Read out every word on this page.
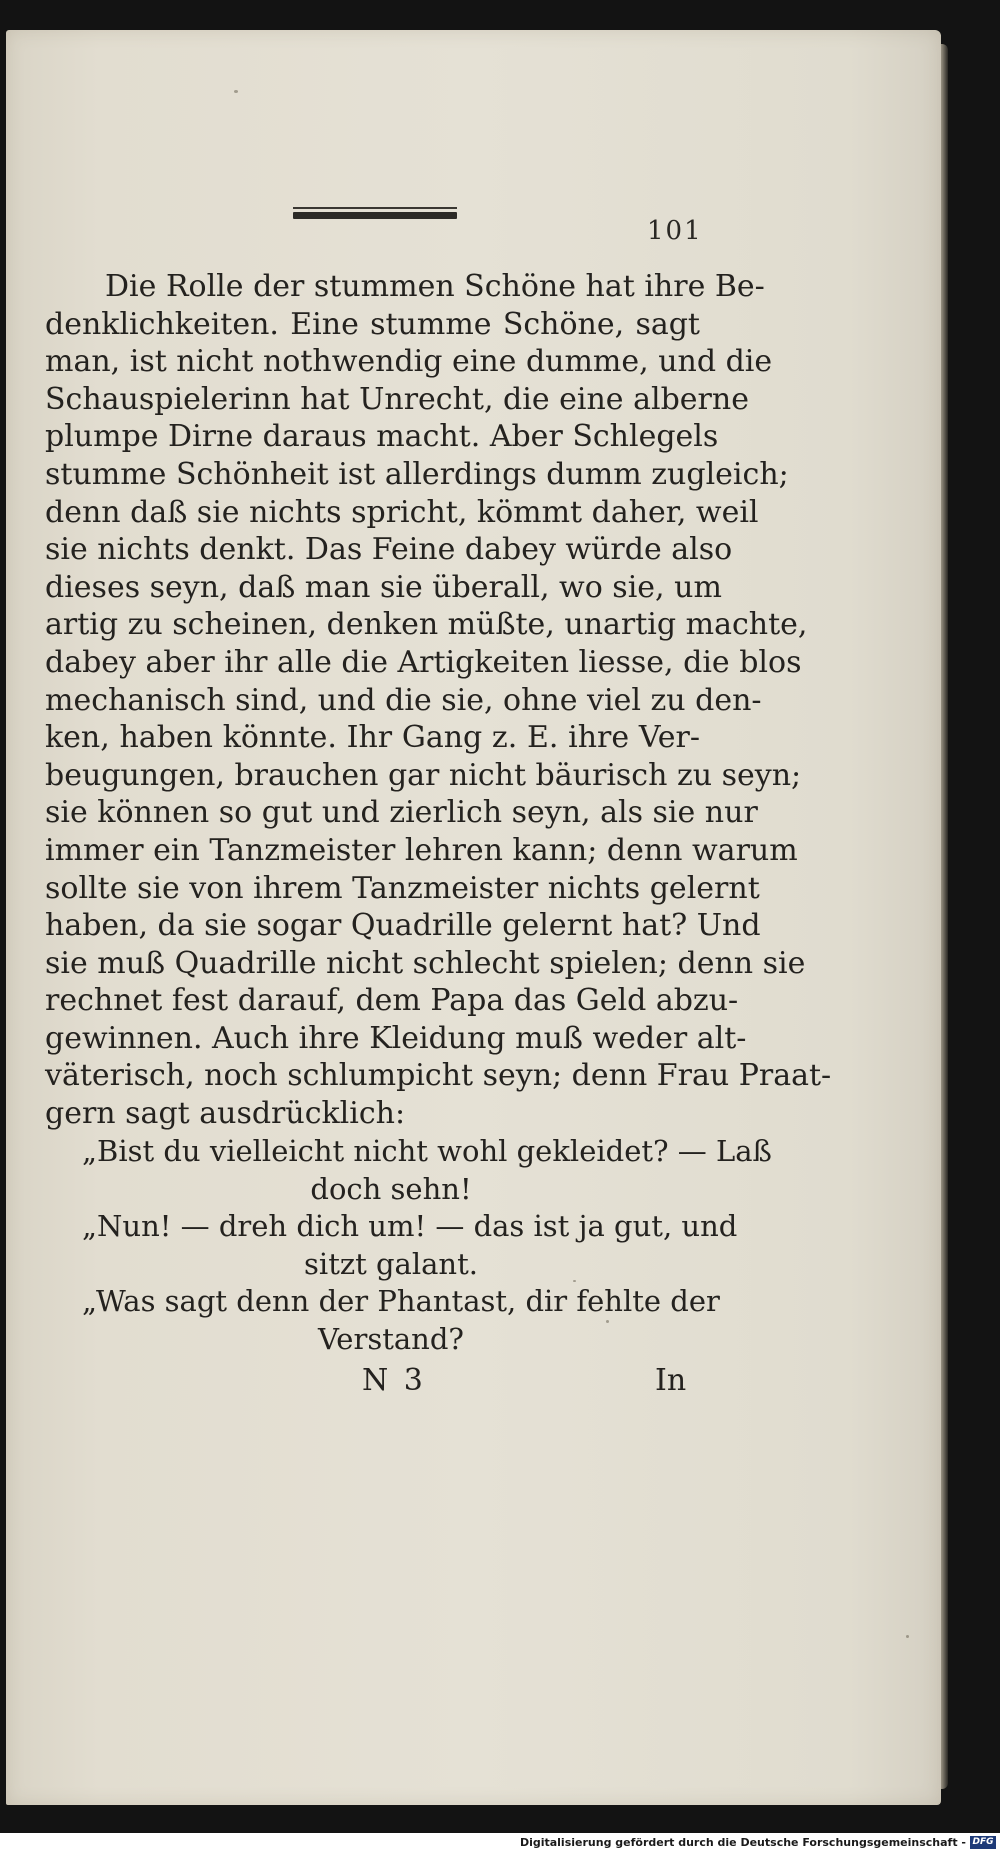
101
Die Rolle der stummen Schöne hat ihre Be-
denklichkeiten. Eine stumme Schöne, sagt
man, ist nicht nothwendig eine dumme, und die
Schauspielerinn hat Unrecht, die eine alberne
plumpe Dirne daraus macht. Aber Schlegels
stumme Schönheit ist allerdings dumm zugleich;
denn daß sie nichts spricht, kömmt daher, weil
sie nichts denkt. Das Feine dabey würde also
dieses seyn, daß man sie überall, wo sie, um
artig zu scheinen, denken müßte, unartig machte,
dabey aber ihr alle die Artigkeiten liesse, die blos
mechanisch sind, und die sie, ohne viel zu den-
ken, haben könnte. Ihr Gang z. E. ihre Ver-
beugungen, brauchen gar nicht bäurisch zu seyn;
sie können so gut und zierlich seyn, als sie nur
immer ein Tanzmeister lehren kann; denn warum
sollte sie von ihrem Tanzmeister nichts gelernt
haben, da sie sogar Quadrille gelernt hat? Und
sie muß Quadrille nicht schlecht spielen; denn sie
rechnet fest darauf, dem Papa das Geld abzu-
gewinnen. Auch ihre Kleidung muß weder alt-
väterisch, noch schlumpicht seyn; denn Frau Praat-
gern sagt ausdrücklich:
„Bist du vielleicht nicht wohl gekleidet? — Laß
doch sehn!
„Nun! — dreh dich um! — das ist ja gut, und
sitzt galant.
„Was sagt denn der Phantast, dir fehlte der
Verstand?
N 3	In
Digitalisierung gefördert durch die Deutsche Forschungsgemeinschaft - DFG
